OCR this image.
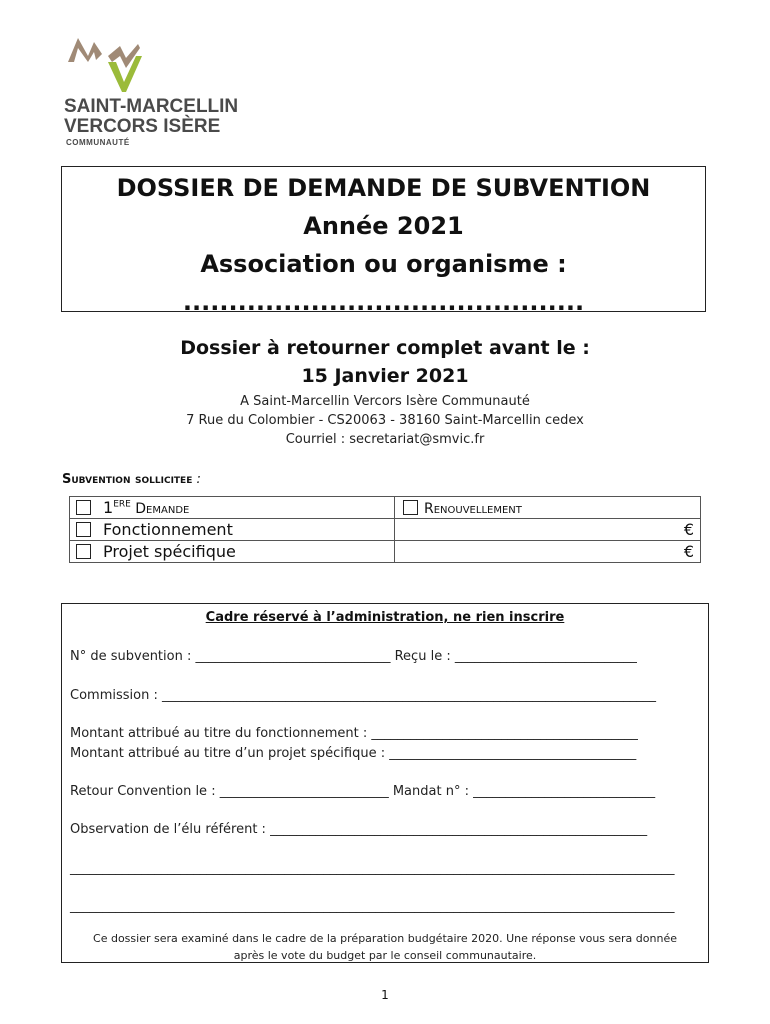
SAINT-MARCELLIN
VERCORS ISÈRE
COMMUNAUTÉ
DOSSIER DE DEMANDE DE SUBVENTION
Année 2021
Association ou organisme :
............................................
Dossier à retourner complet avant le :
15 Janvier 2021
A Saint-Marcellin Vercors Isère Communauté
7 Rue du Colombier - CS20063 - 38160 Saint-Marcellin cedex
Courriel : secretariat@smvic.fr
Subvention sollicitee :
1ERE Demande	Renouvellement
Fonctionnement	€
Projet spécifique	€
Cadre réservé à l’administration, ne rien inscrire
N° de subvention : ______________________________ Reçu le : ____________________________
Commission : ____________________________________________________________________________
Montant attribué au titre du fonctionnement : _________________________________________
Montant attribué au titre d’un projet spécifique : ______________________________________
Retour Convention le : __________________________ Mandat n° : ____________________________
Observation de l’élu référent : __________________________________________________________
_____________________________________________________________________________________________
_____________________________________________________________________________________________
Ce dossier sera examiné dans le cadre de la préparation budgétaire 2020. Une réponse vous sera donnée
après le vote du budget par le conseil communautaire.
1
